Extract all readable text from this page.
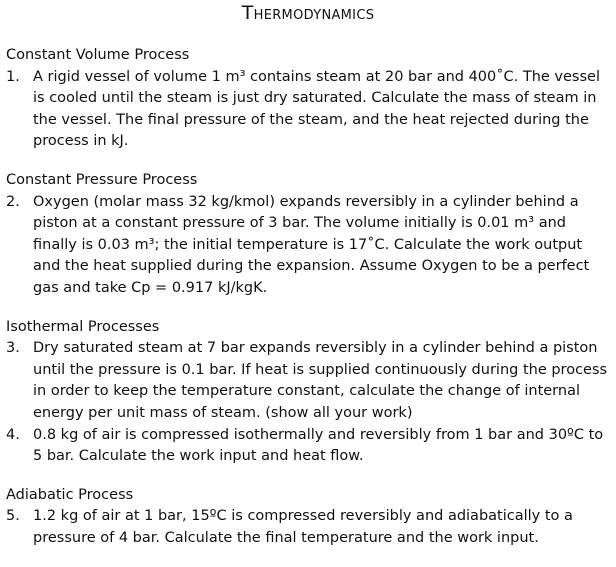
Thermodynamics
Constant Volume Process
1. A rigid vessel of volume 1 m³ contains steam at 20 bar and 400˚C. The vessel is cooled until the steam is just dry saturated. Calculate the mass of steam in the vessel. The final pressure of the steam, and the heat rejected during the process in kJ.
Constant Pressure Process
2. Oxygen (molar mass 32 kg/kmol) expands reversibly in a cylinder behind a piston at a constant pressure of 3 bar. The volume initially is 0.01 m³ and finally is 0.03 m³; the initial temperature is 17˚C. Calculate the work output and the heat supplied during the expansion. Assume Oxygen to be a perfect gas and take Cp = 0.917 kJ/kgK.
Isothermal Processes
3. Dry saturated steam at 7 bar expands reversibly in a cylinder behind a piston until the pressure is 0.1 bar. If heat is supplied continuously during the process in order to keep the temperature constant, calculate the change of internal energy per unit mass of steam. (show all your work)
4. 0.8 kg of air is compressed isothermally and reversibly from 1 bar and 30ºC to 5 bar. Calculate the work input and heat flow.
Adiabatic Process
5. 1.2 kg of air at 1 bar, 15ºC is compressed reversibly and adiabatically to a pressure of 4 bar. Calculate the final temperature and the work input.
